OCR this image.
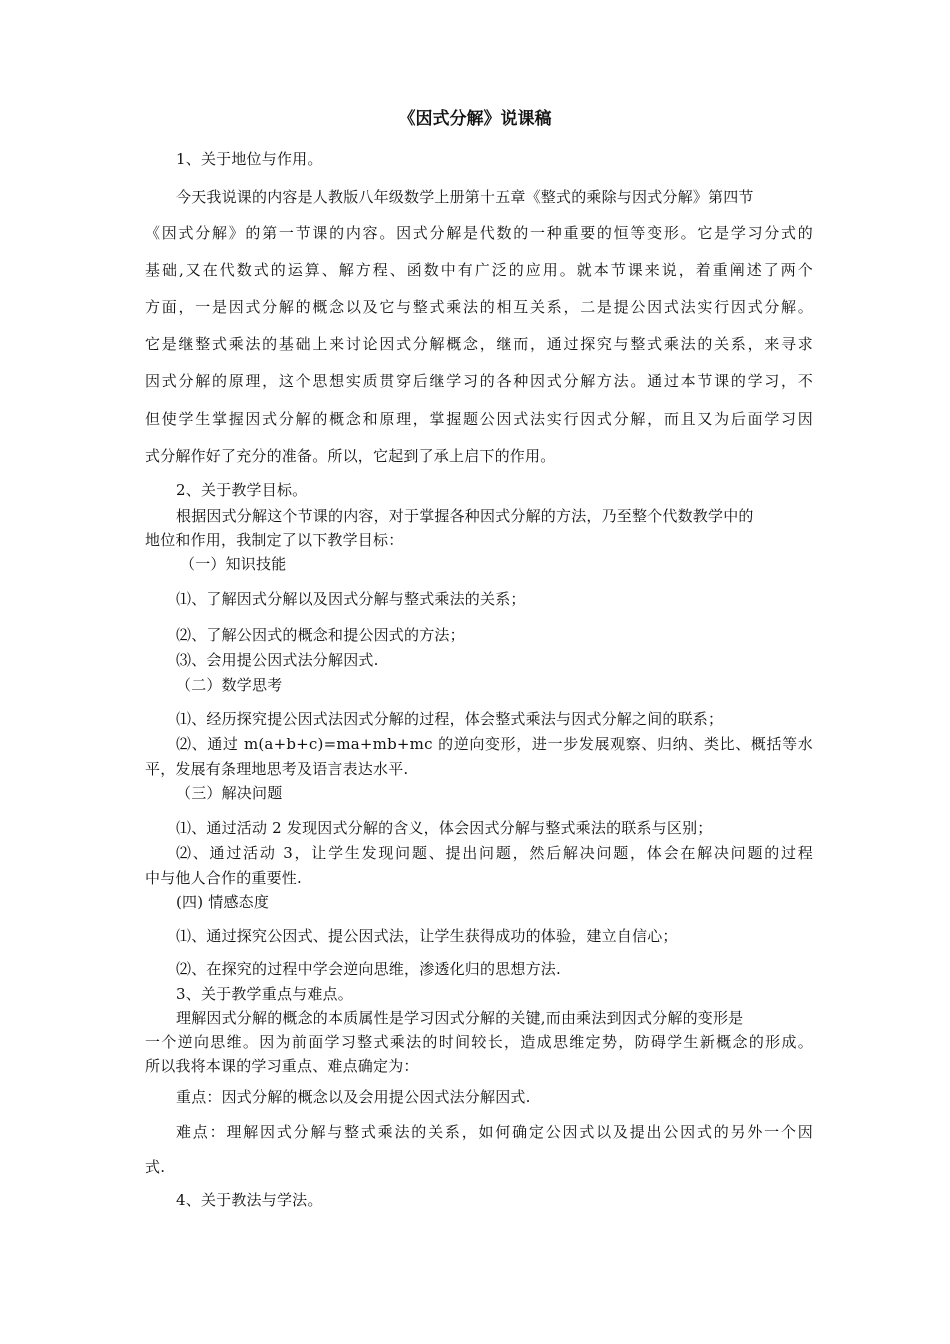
《因式分解》说课稿
1、关于地位与作用。
今天我说课的内容是人教版八年级数学上册第十五章《整式的乘除与因式分解》第四节
《因式分解》的第一节课的内容。因式分解是代数的一种重要的恒等变形。它是学习分式的
基础,又在代数式的运算、解方程、函数中有广泛的应用。就本节课来说，着重阐述了两个
方面，一是因式分解的概念以及它与整式乘法的相互关系，二是提公因式法实行因式分解。
它是继整式乘法的基础上来讨论因式分解概念，继而，通过探究与整式乘法的关系，来寻求
因式分解的原理，这个思想实质贯穿后继学习的各种因式分解方法。通过本节课的学习，不
但使学生掌握因式分解的概念和原理，掌握题公因式法实行因式分解，而且又为后面学习因
式分解作好了充分的准备。所以，它起到了承上启下的作用。
2、关于教学目标。
根据因式分解这个节课的内容，对于掌握各种因式分解的方法，乃至整个代数教学中的
地位和作用，我制定了以下教学目标：
（一）知识技能
⑴、了解因式分解以及因式分解与整式乘法的关系；
⑵、了解公因式的概念和提公因式的方法；
⑶、会用提公因式法分解因式.
（二）数学思考
⑴、经历探究提公因式法因式分解的过程，体会整式乘法与因式分解之间的联系；
⑵、通过 m(a+b+c)=ma+mb+mc 的逆向变形，进一步发展观察、归纳、类比、概括等水
平，发展有条理地思考及语言表达水平.
（三）解决问题
⑴、通过活动 2 发现因式分解的含义，体会因式分解与整式乘法的联系与区别；
⑵、通过活动 3，让学生发现问题、提出问题，然后解决问题，体会在解决问题的过程
中与他人合作的重要性.
(四) 情感态度
⑴、通过探究公因式、提公因式法，让学生获得成功的体验，建立自信心；
⑵、在探究的过程中学会逆向思维，渗透化归的思想方法.
3、关于教学重点与难点。
理解因式分解的概念的本质属性是学习因式分解的关键,而由乘法到因式分解的变形是
一个逆向思维。因为前面学习整式乘法的时间较长，造成思维定势，防碍学生新概念的形成。
所以我将本课的学习重点、难点确定为：
重点：因式分解的概念以及会用提公因式法分解因式.
难点：理解因式分解与整式乘法的关系，如何确定公因式以及提出公因式的另外一个因
式.
4、关于教法与学法。
